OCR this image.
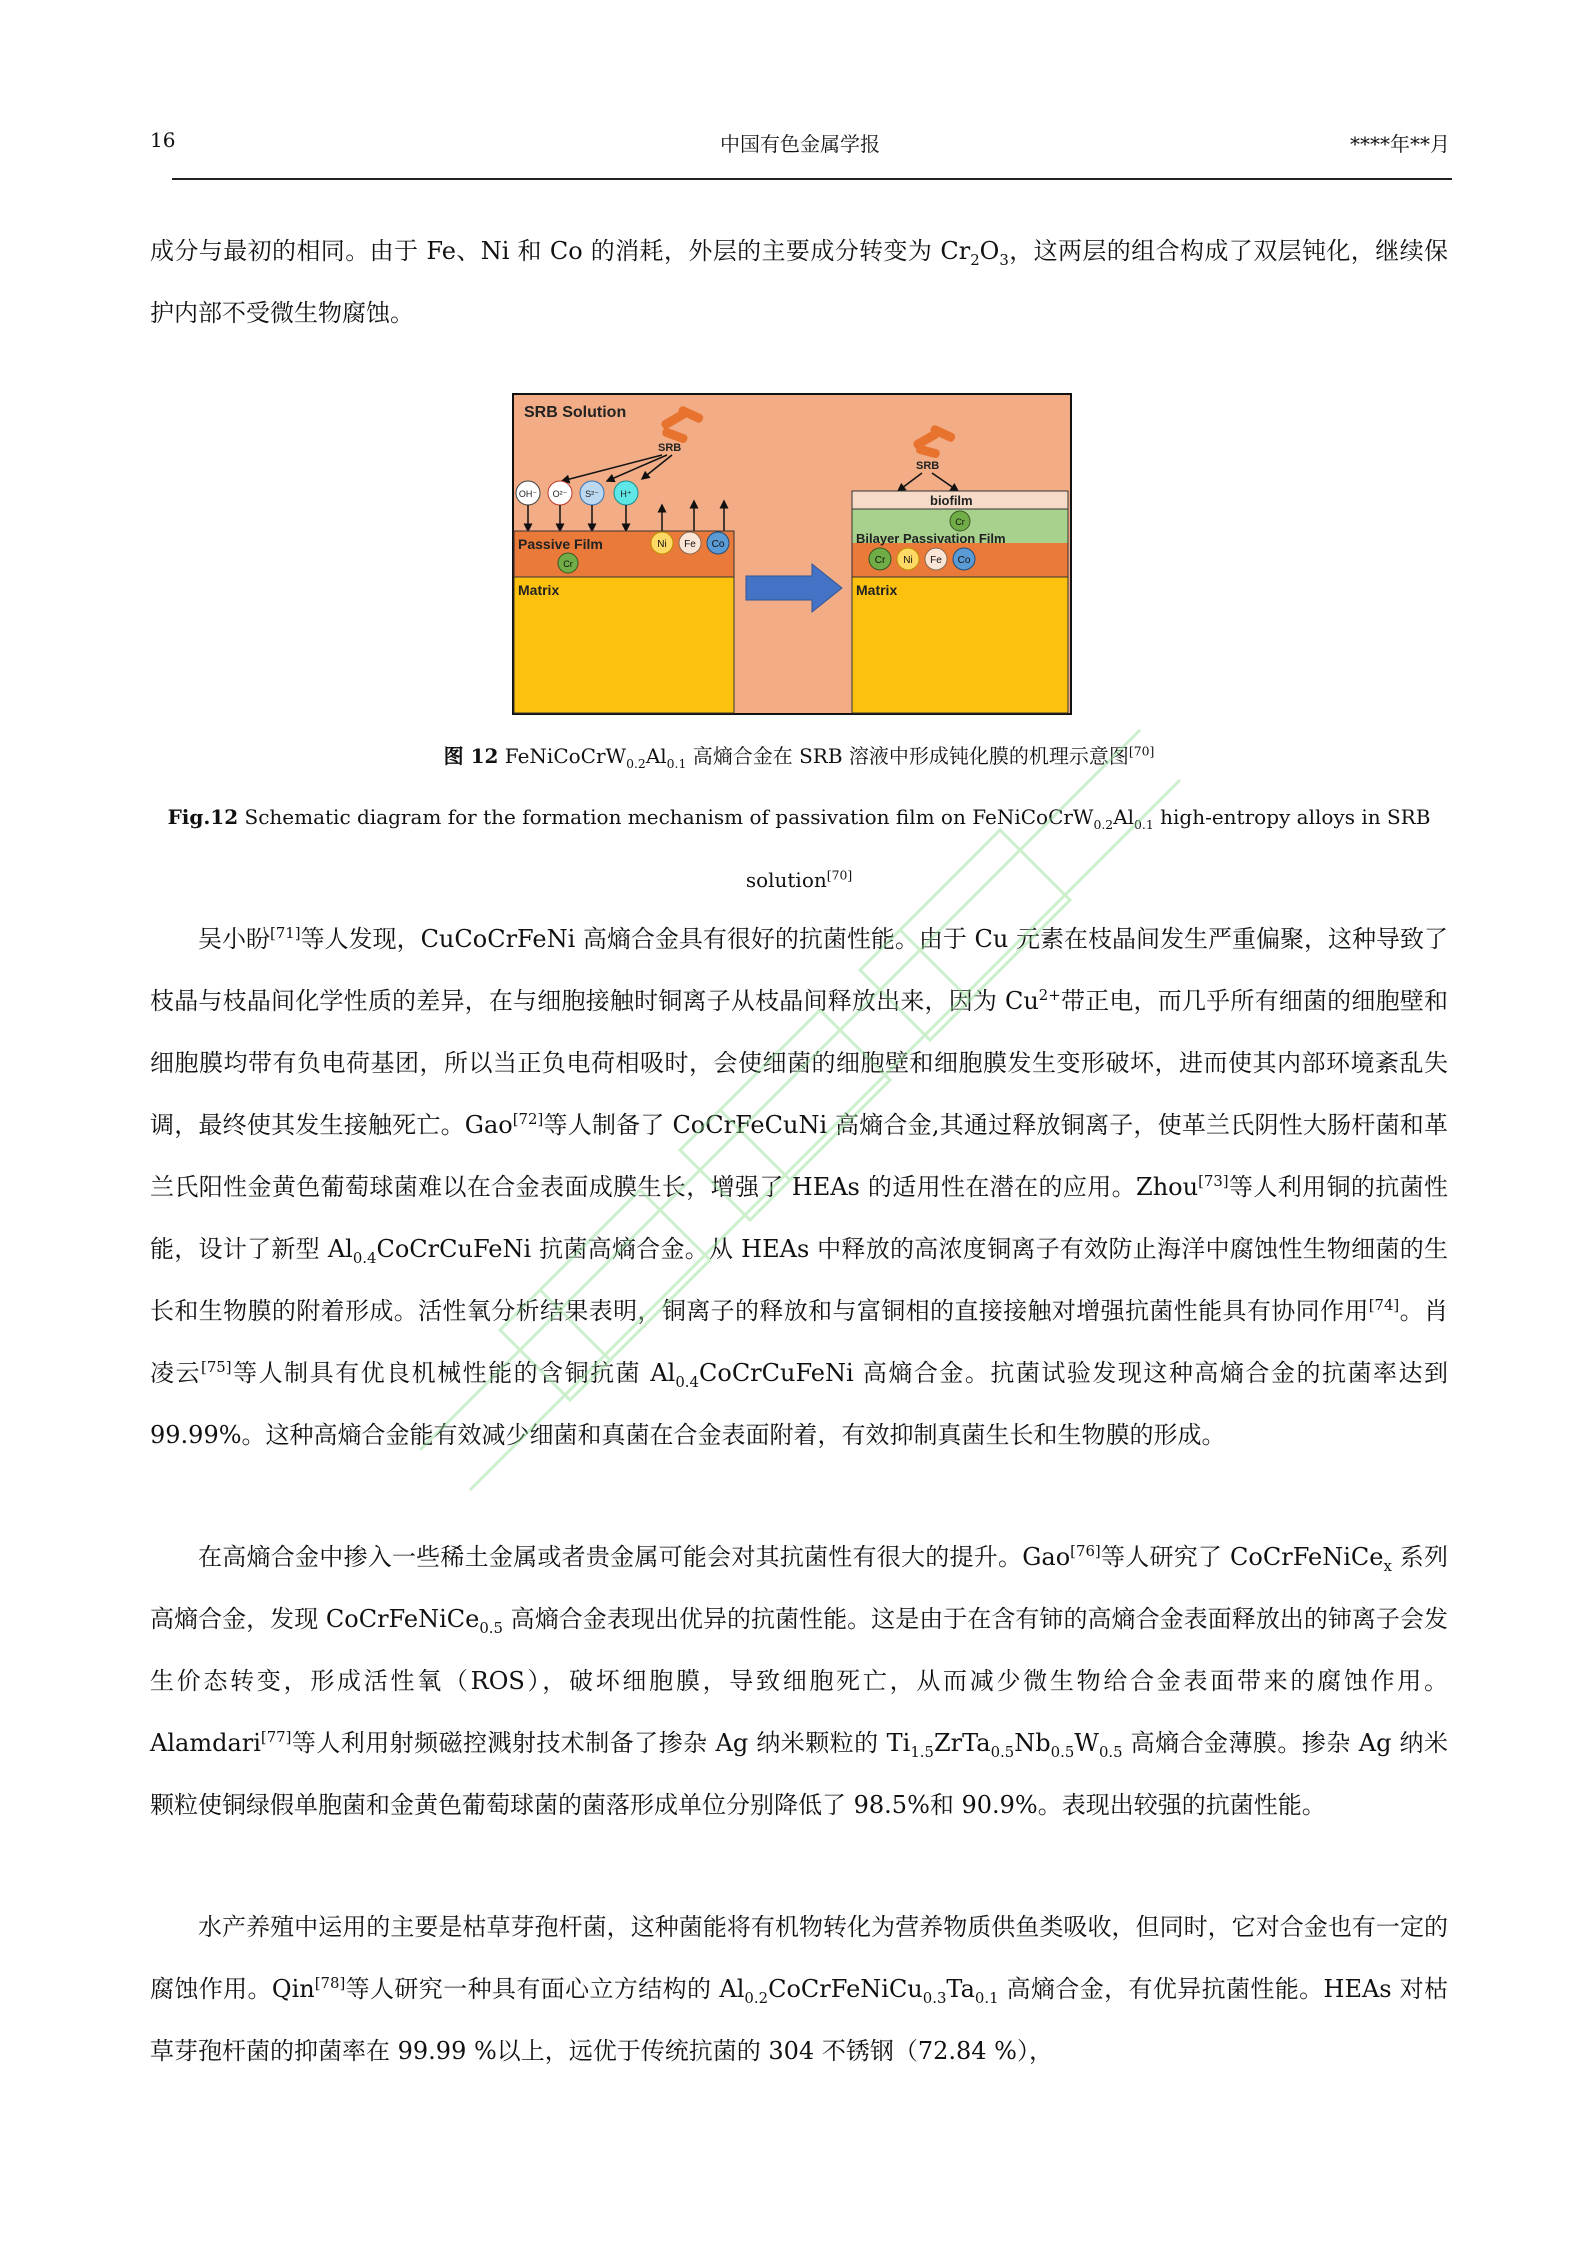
16	中国有色金属学报	****年**月

成分与最初的相同。由于 Fe、Ni 和 Co 的消耗，外层的主要成分转变为 $Cr_2O_3$，这两层的组合构成了双层钝化，继续保护内部不受微生物腐蚀。

SRB Solution
SRB
OH⁻ O²⁻ S²⁻ H⁺
Passive Film
Cr
Ni Fe Co
Matrix
SRB
biofilm
Cr
Bilayer Passivation Film
Cr Ni Fe Co
Matrix

图 12 $FeNiCoCrW_{0.2}Al_{0.1}$ 高熵合金在 SRB 溶液中形成钝化膜的机理示意图[70]

Fig.12 Schematic diagram for the formation mechanism of passivation film on $FeNiCoCrW_{0.2}Al_{0.1}$ high-entropy alloys in SRB

solution[70]

吴小盼[71]等人发现，CuCoCrFeNi 高熵合金具有很好的抗菌性能。由于 Cu 元素在枝晶间发生严重偏聚，这种导致了枝晶与枝晶间化学性质的差异，在与细胞接触时铜离子从枝晶间释放出来，因为 $Cu^{2+}$带正电，而几乎所有细菌的细胞壁和细胞膜均带有负电荷基团，所以当正负电荷相吸时，会使细菌的细胞壁和细胞膜发生变形破坏，进而使其内部环境紊乱失调，最终使其发生接触死亡。Gao[72]等人制备了 CoCrFeCuNi 高熵合金,其通过释放铜离子，使革兰氏阴性大肠杆菌和革兰氏阳性金黄色葡萄球菌难以在合金表面成膜生长，增强了 HEAs 的适用性在潜在的应用。Zhou[73]等人利用铜的抗菌性能，设计了新型 $Al_{0.4}CoCrCuFeNi$ 抗菌高熵合金。从 HEAs 中释放的高浓度铜离子有效防止海洋中腐蚀性生物细菌的生长和生物膜的附着形成。活性氧分析结果表明，铜离子的释放和与富铜相的直接接触对增强抗菌性能具有协同作用[74]。肖凌云[75]等人制具有优良机械性能的含铜抗菌 $Al_{0.4}CoCrCuFeNi$ 高熵合金。抗菌试验发现这种高熵合金的抗菌率达到 99.99%。这种高熵合金能有效减少细菌和真菌在合金表面附着，有效抑制真菌生长和生物膜的形成。

在高熵合金中掺入一些稀土金属或者贵金属可能会对其抗菌性有很大的提升。Gao[76]等人研究了 CoCrFeNiCe$_x$ 系列高熵合金，发现 CoCrFeNiCe$_{0.5}$ 高熵合金表现出优异的抗菌性能。这是由于在含有铈的高熵合金表面释放出的铈离子会发生价态转变，形成活性氧（ROS），破坏细胞膜，导致细胞死亡，从而减少微生物给合金表面带来的腐蚀作用。Alamdari[77]等人利用射频磁控溅射技术制备了掺杂 Ag 纳米颗粒的 $Ti_{1.5}ZrTa_{0.5}Nb_{0.5}W_{0.5}$ 高熵合金薄膜。掺杂 Ag 纳米颗粒使铜绿假单胞菌和金黄色葡萄球菌的菌落形成单位分别降低了 98.5%和 90.9%。表现出较强的抗菌性能。

水产养殖中运用的主要是枯草芽孢杆菌，这种菌能将有机物转化为营养物质供鱼类吸收，但同时，它对合金也有一定的腐蚀作用。Qin[78]等人研究一种具有面心立方结构的 $Al_{0.2}CoCrFeNiCu_{0.3}Ta_{0.1}$ 高熵合金，有优异抗菌性能。HEAs 对枯草芽孢杆菌的抑菌率在 99.99 %以上，远优于传统抗菌的 304 不锈钢（72.84 %），
